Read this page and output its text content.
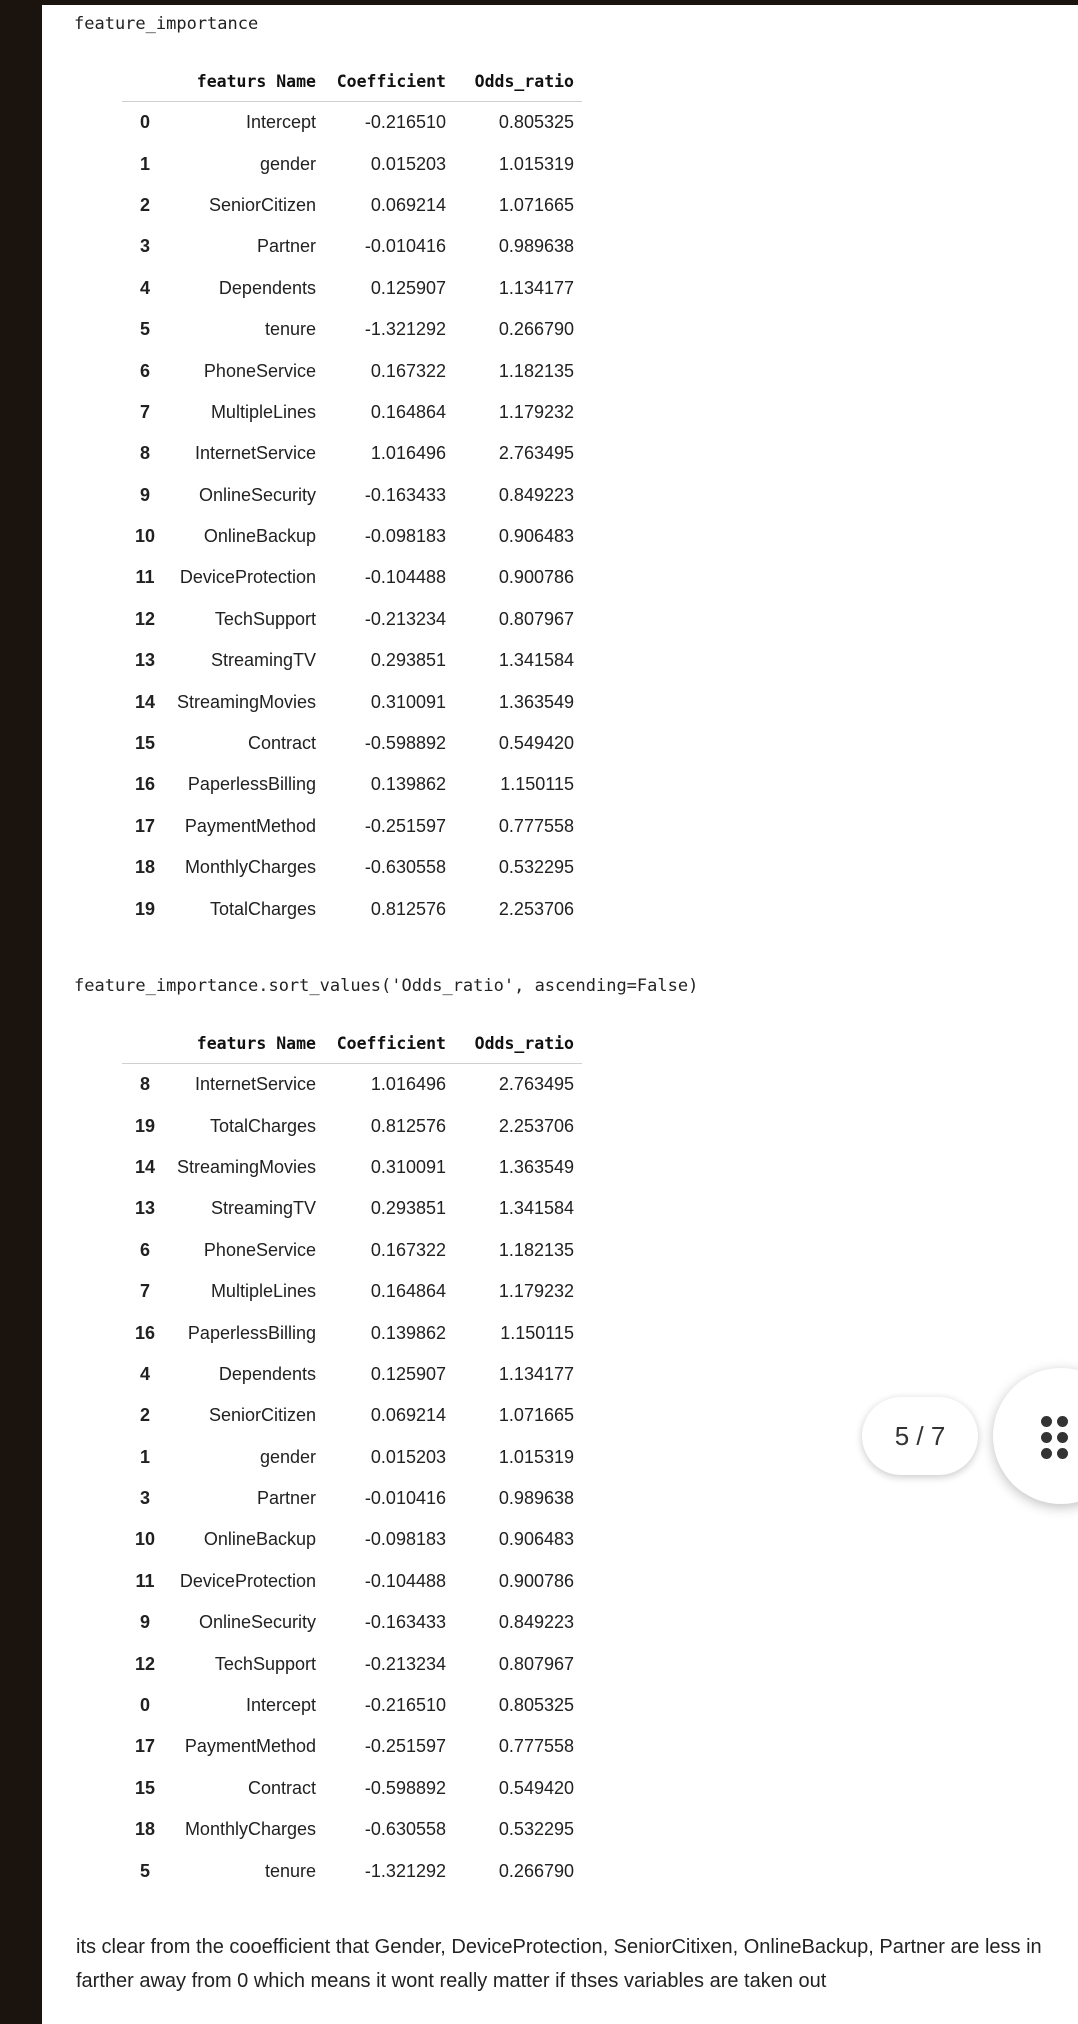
feature_importance
	featurs Name	Coefficient	Odds_ratio
0	Intercept	-0.216510	0.805325
1	gender	0.015203	1.015319
2	SeniorCitizen	0.069214	1.071665
3	Partner	-0.010416	0.989638
4	Dependents	0.125907	1.134177
5	tenure	-1.321292	0.266790
6	PhoneService	0.167322	1.182135
7	MultipleLines	0.164864	1.179232
8	InternetService	1.016496	2.763495
9	OnlineSecurity	-0.163433	0.849223
10	OnlineBackup	-0.098183	0.906483
11	DeviceProtection	-0.104488	0.900786
12	TechSupport	-0.213234	0.807967
13	StreamingTV	0.293851	1.341584
14	StreamingMovies	0.310091	1.363549
15	Contract	-0.598892	0.549420
16	PaperlessBilling	0.139862	1.150115
17	PaymentMethod	-0.251597	0.777558
18	MonthlyCharges	-0.630558	0.532295
19	TotalCharges	0.812576	2.253706
feature_importance.sort_values('Odds_ratio', ascending=False)
	featurs Name	Coefficient	Odds_ratio
8	InternetService	1.016496	2.763495
19	TotalCharges	0.812576	2.253706
14	StreamingMovies	0.310091	1.363549
13	StreamingTV	0.293851	1.341584
6	PhoneService	0.167322	1.182135
7	MultipleLines	0.164864	1.179232
16	PaperlessBilling	0.139862	1.150115
4	Dependents	0.125907	1.134177
2	SeniorCitizen	0.069214	1.071665
1	gender	0.015203	1.015319
3	Partner	-0.010416	0.989638
10	OnlineBackup	-0.098183	0.906483
11	DeviceProtection	-0.104488	0.900786
9	OnlineSecurity	-0.163433	0.849223
12	TechSupport	-0.213234	0.807967
0	Intercept	-0.216510	0.805325
17	PaymentMethod	-0.251597	0.777558
15	Contract	-0.598892	0.549420
18	MonthlyCharges	-0.630558	0.532295
5	tenure	-1.321292	0.266790
its clear from the cooefficient that Gender, DeviceProtection, SeniorCitixen, OnlineBackup, Partner are less in
farther away from 0 which means it wont really matter if thses variables are taken out
5 / 7
